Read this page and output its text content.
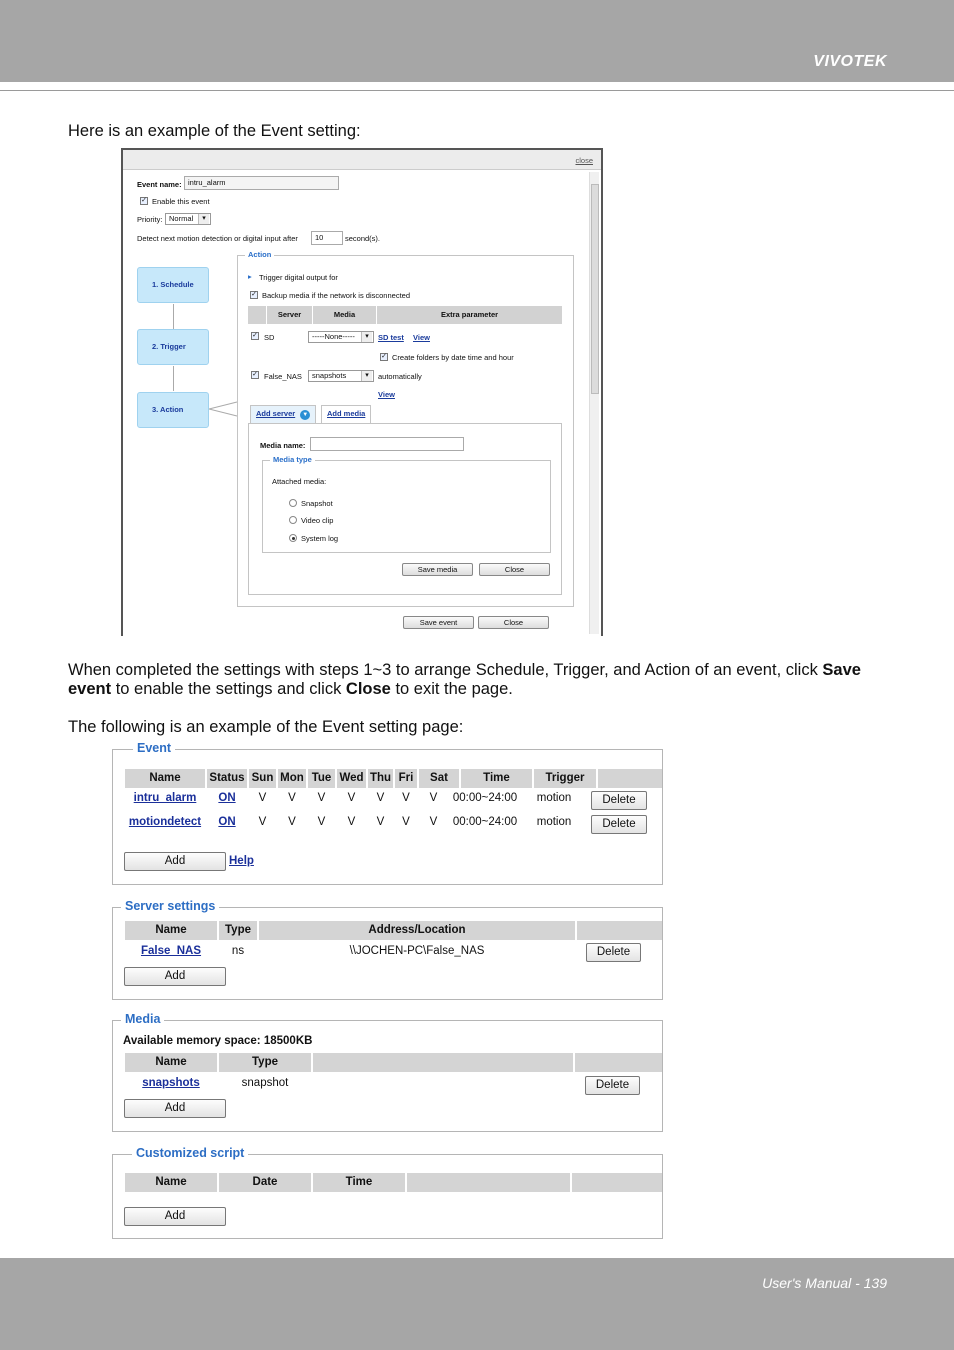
VIVOTEK
Here is an example of the Event setting:
close
Event name: intru_alarm
✓ Enable this event
Priority: Normal ▾
Detect next motion detection or digital input after	10	second(s).
1. Schedule
2. Trigger
3. Action
Action
▸ Trigger digital output for
✓ Backup media if the network is disconnected
Server	Media	Extra parameter
✓ SD	-----None----- ▾	SD test View
✓ Create folders by date time and hour
✓ False_NAS	snapshots ▾	automatically
View
Add server ▼	Add media
Media name:
Media type
Attached media:
Snapshot
Video clip
System log
Save media	Close
Save event	Close
When completed the settings with steps 1~3 to arrange Schedule, Trigger, and Action of an event, click Save event to enable the settings and click Close to exit the page.
The following is an example of the Event setting page:
Event
Name	Status Sun Mon Tue Wed Thu Fri	Sat	Time	Trigger
intru_alarm	ON	V	V	V	V	V	V	V	00:00~24:00	motion	Delete
motiondetect	ON	V	V	V	V	V	V	V	00:00~24:00	motion	Delete
Add	Help
Server settings
Name	Type	Address/Location
False_NAS	ns	\\JOCHEN-PC\False_NAS	Delete
Add
Media
Available memory space: 18500KB
Name	Type
snapshots	snapshot	Delete
Add
Customized script
Name	Date	Time
Add
User's Manual - 139
